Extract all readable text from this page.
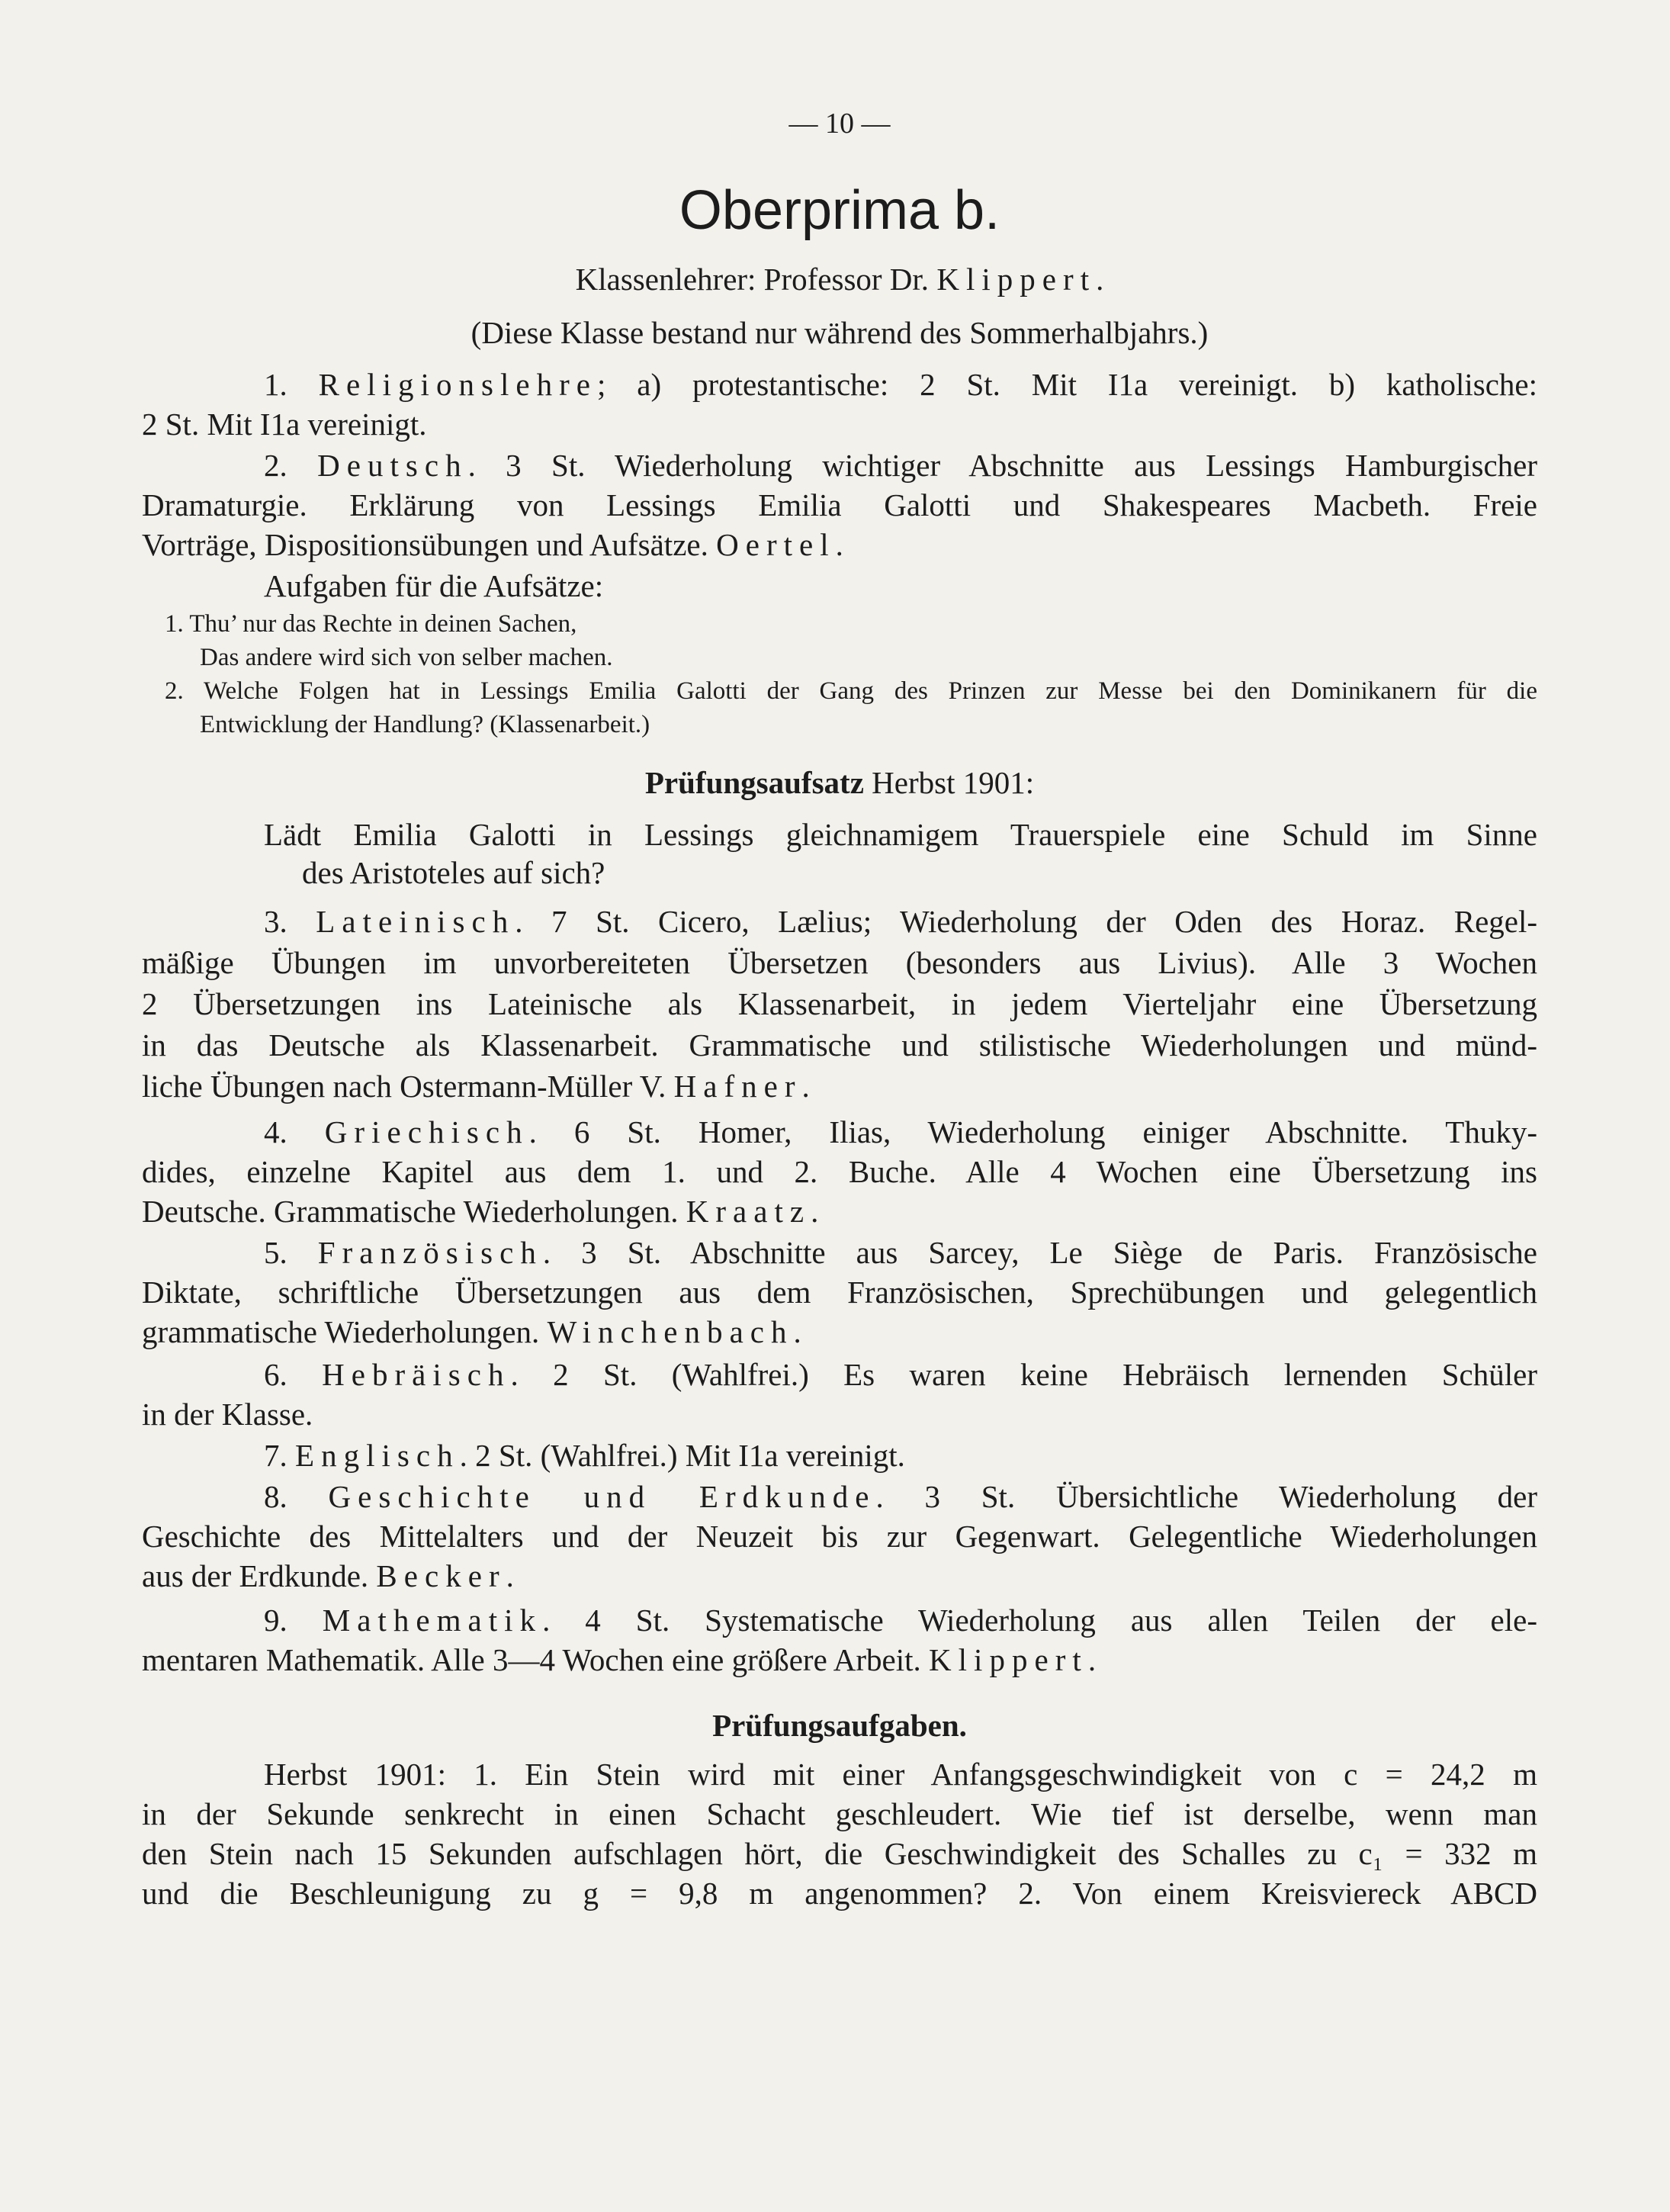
— 10 —
Oberprima b.
Klassenlehrer: Professor Dr. Klippert.
(Diese Klasse bestand nur während des Sommerhalbjahrs.)
1. Religionslehre; a) protestantische: 2 St. Mit I1a vereinigt. b) katholische:
2 St. Mit I1a vereinigt.
2. Deutsch. 3 St. Wiederholung wichtiger Abschnitte aus Lessings Hamburgischer
Dramaturgie. Erklärung von Lessings Emilia Galotti und Shakespeares Macbeth. Freie
Vorträge, Dispositionsübungen und Aufsätze. Oertel.
Aufgaben für die Aufsätze:
1. Thu’ nur das Rechte in deinen Sachen,
Das andere wird sich von selber machen.
2. Welche Folgen hat in Lessings Emilia Galotti der Gang des Prinzen zur Messe bei den Dominikanern für die
Entwicklung der Handlung? (Klassenarbeit.)
Prüfungsaufsatz Herbst 1901:
Lädt Emilia Galotti in Lessings gleichnamigem Trauerspiele eine Schuld im Sinne
des Aristoteles auf sich?
3. Lateinisch. 7 St. Cicero, Lælius; Wiederholung der Oden des Horaz. Regel-
mäßige Übungen im unvorbereiteten Übersetzen (besonders aus Livius). Alle 3 Wochen
2 Übersetzungen ins Lateinische als Klassenarbeit, in jedem Vierteljahr eine Übersetzung
in das Deutsche als Klassenarbeit. Grammatische und stilistische Wiederholungen und münd-
liche Übungen nach Ostermann-Müller V. Hafner.
4. Griechisch. 6 St. Homer, Ilias, Wiederholung einiger Abschnitte. Thuky-
dides, einzelne Kapitel aus dem 1. und 2. Buche. Alle 4 Wochen eine Übersetzung ins
Deutsche. Grammatische Wiederholungen. Kraatz.
5. Französisch. 3 St. Abschnitte aus Sarcey, Le Siège de Paris. Französische
Diktate, schriftliche Übersetzungen aus dem Französischen, Sprechübungen und gelegentlich
grammatische Wiederholungen. Winchenbach.
6. Hebräisch. 2 St. (Wahlfrei.) Es waren keine Hebräisch lernenden Schüler
in der Klasse.
7. Englisch. 2 St. (Wahlfrei.) Mit I1a vereinigt.
8. Geschichte und Erdkunde. 3 St. Übersichtliche Wiederholung der
Geschichte des Mittelalters und der Neuzeit bis zur Gegenwart. Gelegentliche Wiederholungen
aus der Erdkunde. Becker.
9. Mathematik. 4 St. Systematische Wiederholung aus allen Teilen der ele-
mentaren Mathematik. Alle 3—4 Wochen eine größere Arbeit. Klippert.
Prüfungsaufgaben.
Herbst 1901: 1. Ein Stein wird mit einer Anfangsgeschwindigkeit von c = 24,2 m
in der Sekunde senkrecht in einen Schacht geschleudert. Wie tief ist derselbe, wenn man
den Stein nach 15 Sekunden aufschlagen hört, die Geschwindigkeit des Schalles zu c₁ = 332 m
und die Beschleunigung zu g = 9,8 m angenommen? 2. Von einem Kreisviereck ABCD
